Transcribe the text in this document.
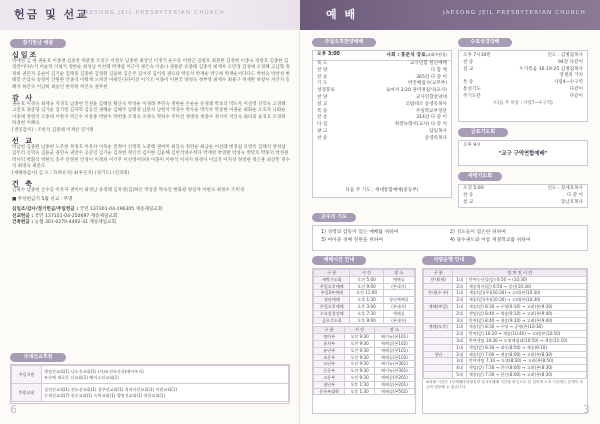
헌금 및 선교
JAESONG JEIL PRESBYTERIAN CHURCH
장기헌금 예물
십일조
박세영 김 권 권순호 이종천 김홍찬 허준종 조상구 이철우 남종현 최상인 이생기 순수동 이현근 김평호 최분한 김정현 이종숙 정광호 김종한 김정잔이다슈지 이순덕 이평지 정한순 최성남 이선례 박재섭 이근이 권은숙 이윤나 권용문 유종태 김종석 최재우 오만경 김성애 오경혜 고남향 정정희 권문자 공순이 김기순 김태홍 김종한 김영원 김윤하 김은주 김이경 김이정 권으라 박동석 박재순 박구희 박재순서다다도 박현숙 박찬성 변태봉 손삼숙 송창미 안원한 안종석 이왕재 오희진 이광은다다이진 이기조 이종미 이현국 양정숙 정부영 최재수 최용구 허재완 하창우 지안지 송혜자 하안숙 이남희 최승린 한정희 허인숙 권무현
감 사
권순호 이경숙 최재규 지경호 남종현 인천윤 김해일 황산숙 박성순 이경래 부민숙 정현순 손순순 유경례 박초리 박도자 이선영 신학숙 고경혜 고전호 권준형 김기순 김기령 김자혁 김동진 권해순 김해주 남태정 남분자 남현석 박경수 박우순 박석우 박준현 이권순 최화순 오호자 나화순 이중대 정현지 오종대 이한지 박은수 이중종 박판수 박현종 조정숙 조양숙 박하수 주미선 정병옥 정종수 정시미 지인숙 최다의 윤경호 조경희 하경현 이혜숙
[생일감사] : 조한석 김종례 이재선 연거원
선 교
박남현 김종원 남종현 노주현 정정호 이옥자 이옥순 전정이 신정복 노춘례 권여미 최동숙 정란순 최남순 이선례 변경섭 유영록 김해석 양성섭 김두리 신학숙 김용균 권민숙 권만수 공준연 김기순 김경현 정인석 김이한 김윤혜 김헌석대우정다 박재현 박영발 박성숙 박만호 박홍덕 박성원 박사익 박환석 박현익 송주 안정헌 안경이 이정희 이기무 이선영어다바 이종미 이판석 이자지 하경자 이임진 이지성 정영현 정은훈 최상민 정수지 최영숙 최분도
[새해목감사] 김 오 : 7(하유지) 4(후손지) (경기도) (선과정)
건 축
김명수 남종현 손수공 이옥자 권미어 최성남 유정례 김옥정(김)하온 박상준 박숙진 변화원 양일자 이현숙 최정수 조미경
■ 무선헌금기 5월 선교 : 무명
십일조/감사/정기헌금/주일헌금 : 국민 137301-04-196305 재송제일교회
선교헌금 : 국민 137101-04-250697 재송제일교회
건축헌금 : 농협 301-0270-4492-31 재송제일교회
국내선교후원
주일지원	행정선교회(1) 나도선교회(1) (사)조선특선식(매아주지)
부산에 새로운 선교회(1) 베이스선교회(1)

후원교회	김천선교회(1) 전도선교회(1) 경주선교회(1) 직지사선교회(1) 이현교회(1)
순세선교회(7) 한순교회(1) 숙북교회(1) 행정선교회(1) 권한교회(1)
6
예 배	JAESONG JEIL PRESBYTERIAN CHURCH
주일오후찬양예배
오후 3:00	사회 : 홍문석 장로(교회부원장)
묵 도	교사연합 헌신예배
찬 양	다 함 께
찬 송	365장 다 같 이
기 도	박진배집사(교무부)
성경봉독	로마서 3:20 권미정집사(교사)
찬 양	교사연합찬양대
설 교	코람데오 송영록목사
특 송	주일학교부장단
찬 송	314장 다 같 이
다 짐	취결녹레서(교사) 다 같 이
광 고	담임목사
찬 송	송영록목사
다음 주 기도 : 세대통합예배(중등부)
수요성경강해
오후 7시30분	인도 : 김병집목사
찬 송	94장 다같이
설 교	누가복음 16:19-25 김병집목사
영생의 가치
특 송	사랑4~수구역
통성기도	다같이
주기도문	다같이
(다음 주 특송 : 사랑7~수구역)
금요기도회
오후 9시
"교구 구역연합예배"
새벽기도회
오전 5:00	인도 : 장세호목사
찬 송	다 같 이
설 교	장남호목사
공주의 기도
1) 성령의 감동이 있는 예배를 위하여	2) 성도들이 겸손한 위하여
3) 여아준 경배 전원을 위하여	4) 당수권도와 어름 계절학교를 위하여
예배시간 안내
구 분	시 간	장 소
새벽기도회	오전 5:00	예배실
주일오후예배	오전 9:00	(본대지)
주일2부예배	오전 11:00	
청년예배	오후 1:30	청년예배실
주일오후예배	오후 3:00	(본대지)
수요성경강해	오후 7:30	예배실
금요기도회	오후 9:00	(본대지)
구 분	시 간	장 소
영아부	오전 9:30	베이뉴(본101)
유치부	오전 9:30	예배실(본102)
유년부	오전 9:30	예배실(본101)
초등부	오전 9:30	예배실(본103)
소년부	오전 9:30	베이뉴(본301)
중등부	오전 9:30	베이뉴(본301)
고등부	오전 9:30	예배실(본201)
청년부	오후 1:30	예배실(본201)
등록부대학	오후 1:30	예배실(본502)
차량운행 안내
구 분	정 차 및 시 간	
안내(새)	1대	반여농산물(앞) 6:50 → (10:30)
	2대	재송럭키(앞) 6:50 → 장산(10:30)
안내(수·주)	1대	재송(앞)(주)(10:30) → 고려(본(10:30)
	2대	재송(앞)(주)(10:30) → 고려(본(10:30)
예배(주일)	1대	재송(앞) 8:30 → 수영(9:10) → 고려(본(9:30)
	2대	센텀(앞) 8:40 → 재송(9:10) → 고려(본(9:40)
	3대	반여(앞) 8:40 → 재송(9:10) → 고려(본(9:40)
예배(오후)	1대	재송(앞) 8:30 → 수영 → 공영(본(10:30)
	2대	반여(앞) 10:20 → 재송(10:40) → 고려(본(10:50)
	3대	반여센텀 10:30 → 도방매점대(10:50) → 재송(11:10)
	1대	센텀(앞) 8:30 → 대동(8:50) → 재송(9:10)
청년	2대	재송(앞) 7:00 → 재송(8:00) → 고려(본(8:30)
	3대	반여센텀 7:10 → 도방(8:30) → 고려(본(8:50)
	4대	센텀(앞) 7:30 → 한신(8:00) → 고려(본(8:30)
	5대	재송(앞) 7:30 → 한신(8:00) → 고려(본(8:30)
※차량 시간은 1부예배마쳐정류장 및 2부예배 시간을 중심으로 한 것이며 도착 시간에는 운영이 조금씩 변동될 수 있습니다.
3
